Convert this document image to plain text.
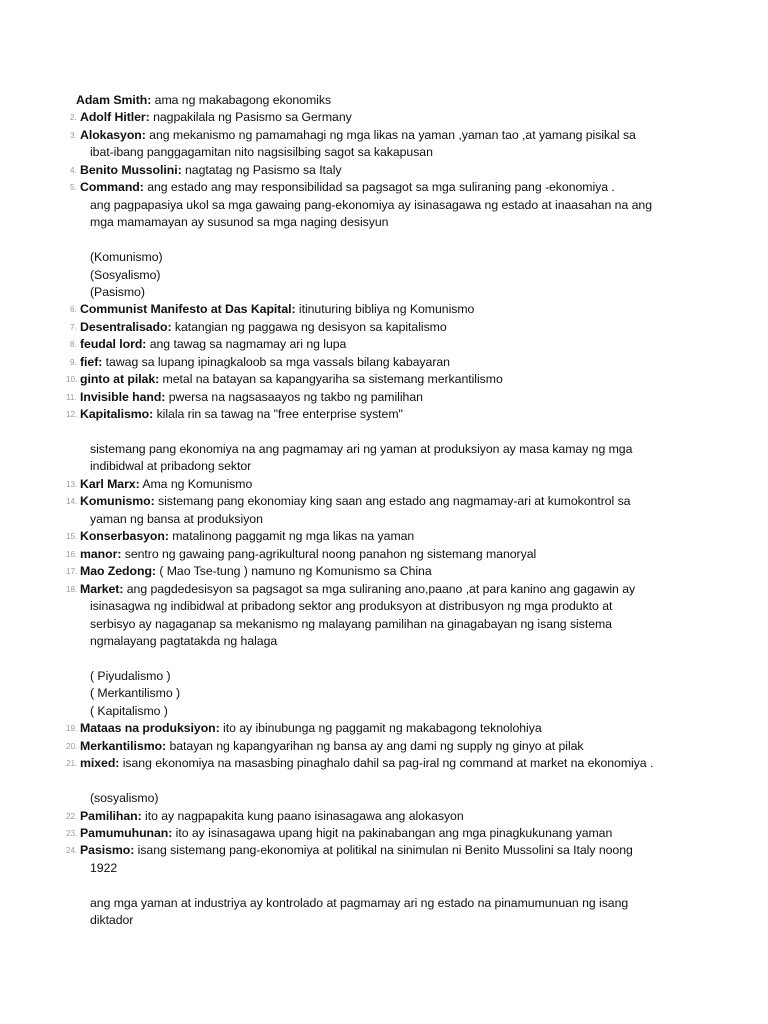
Adam Smith: ama ng makabagong ekonomiks
2. Adolf Hitler: nagpakilala ng Pasismo sa Germany
3. Alokasyon: ang mekanismo ng pamamahagi ng mga likas na yaman ,yaman tao ,at yamang pisikal sa
ibat-ibang panggagamitan nito nagsisilbing sagot sa kakapusan
4. Benito Mussolini: nagtatag ng Pasismo sa Italy
5. Command: ang estado ang may responsibilidad sa pagsagot sa mga suliraning pang -ekonomiya .
ang pagpapasiya ukol sa mga gawaing pang-ekonomiya ay isinasagawa ng estado at inaasahan na ang
mga mamamayan ay susunod sa mga naging desisyun
(Komunismo)
(Sosyalismo)
(Pasismo)
6. Communist Manifesto at Das Kapital: itinuturing bibliya ng Komunismo
7. Desentralisado: katangian ng paggawa ng desisyon sa kapitalismo
8. feudal lord: ang tawag sa nagmamay ari ng lupa
9. fief: tawag sa lupang ipinagkaloob sa mga vassals bilang kabayaran
10. ginto at pilak: metal na batayan sa kapangyariha sa sistemang merkantilismo
11. Invisible hand: pwersa na nagsasaayos ng takbo ng pamilihan
12. Kapitalismo: kilala rin sa tawag na "free enterprise system"
sistemang pang ekonomiya na ang pagmamay ari ng yaman at produksiyon ay masa kamay ng mga
indibidwal at pribadong sektor
13. Karl Marx: Ama ng Komunismo
14. Komunismo: sistemang pang ekonomiay king saan ang estado ang nagmamay-ari at kumokontrol sa
yaman ng bansa at produksiyon
15. Konserbasyon: matalinong paggamit ng mga likas na yaman
16. manor: sentro ng gawaing pang-agrikultural noong panahon ng sistemang manoryal
17. Mao Zedong: ( Mao Tse-tung ) namuno ng Komunismo sa China
18. Market: ang pagdedesisyon sa pagsagot sa mga suliraning ano,paano ,at para kanino ang gagawin ay
isinasagwa ng indibidwal at pribadong sektor ang produksyon at distribusyon ng mga produkto at
serbisyo ay nagaganap sa mekanismo ng malayang pamilihan na ginagabayan ng isang sistema
ngmalayang pagtatakda ng halaga
( Piyudalismo )
( Merkantilismo )
( Kapitalismo )
19. Mataas na produksiyon: ito ay ibinubunga ng paggamit ng makabagong teknolohiya
20. Merkantilismo: batayan ng kapangyarihan ng bansa ay ang dami ng supply ng ginyo at pilak
21. mixed: isang ekonomiya na masasbing pinaghalo dahil sa pag-iral ng command at market na ekonomiya .
(sosyalismo)
22. Pamilihan: ito ay nagpapakita kung paano isinasagawa ang alokasyon
23. Pamumuhunan: ito ay isinasagawa upang higit na pakinabangan ang mga pinagkukunang yaman
24. Pasismo: isang sistemang pang-ekonomiya at politikal na sinimulan ni Benito Mussolini sa Italy noong
1922
ang mga yaman at industriya ay kontrolado at pagmamay ari ng estado na pinamumunuan ng isang
diktador
